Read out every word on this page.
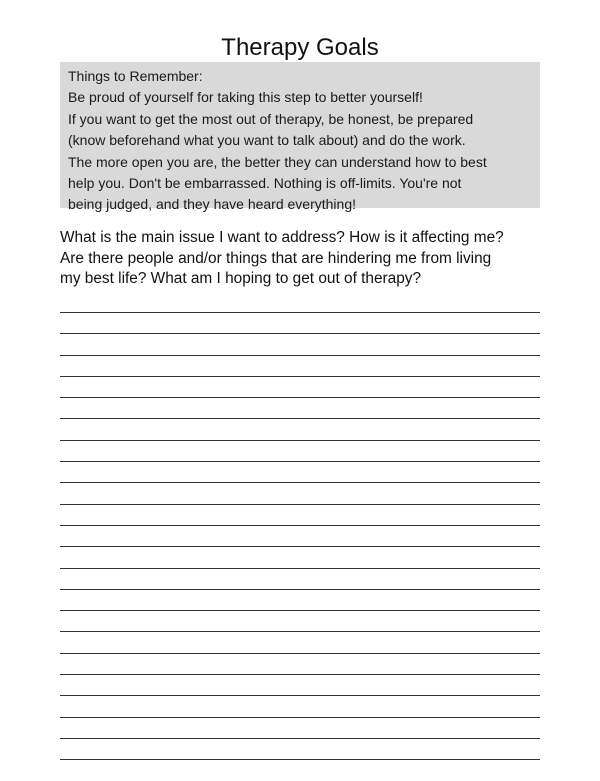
Therapy Goals
Things to Remember:
Be proud of yourself for taking this step to better yourself!
If you want to get the most out of therapy, be honest, be prepared
(know beforehand what you want to talk about) and do the work.
The more open you are, the better they can understand how to best
help you. Don't be embarrassed. Nothing is off-limits. You're not
being judged, and they have heard everything!
What is the main issue I want to address? How is it affecting me?
Are there people and/or things that are hindering me from living
my best life? What am I hoping to get out of therapy?
